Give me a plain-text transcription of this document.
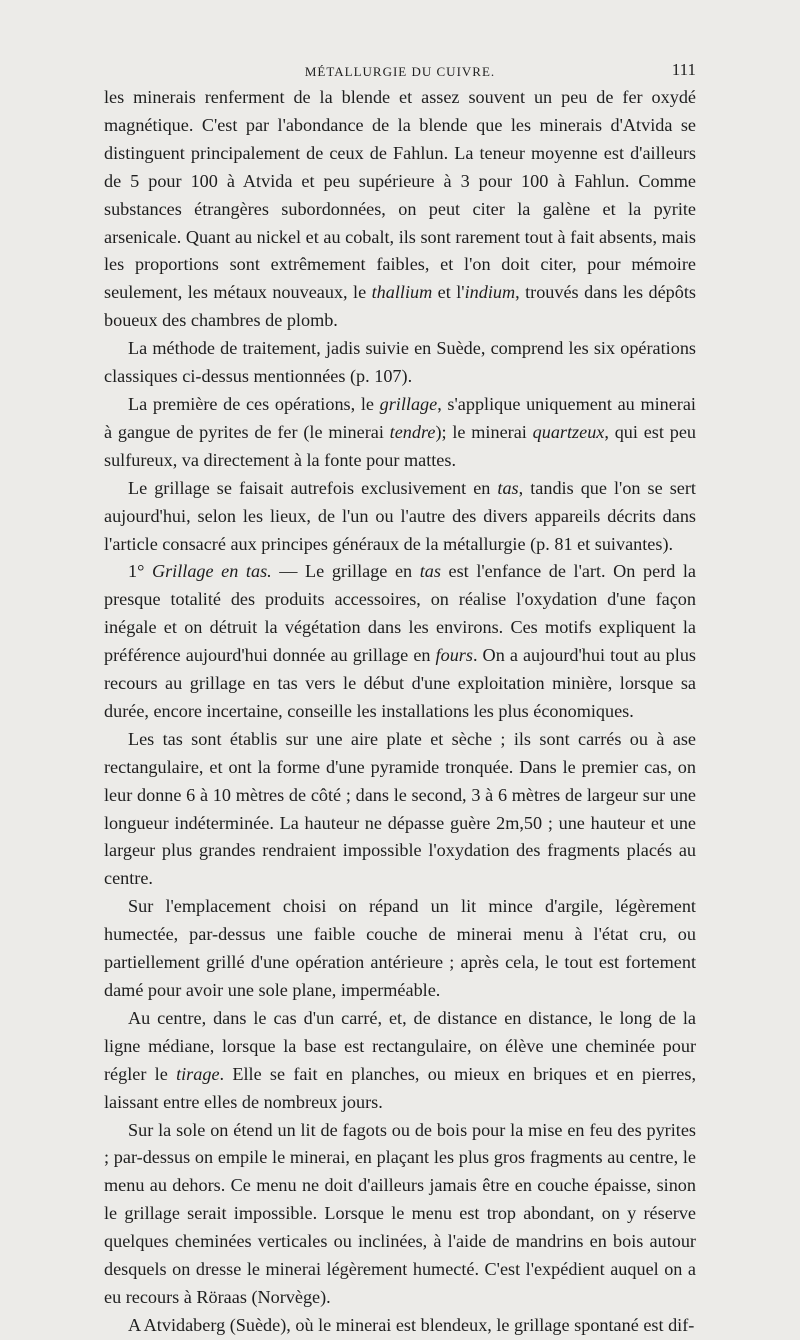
MÉTALLURGIE DU CUIVRE.	111

les minerais renferment de la blende et assez souvent un peu de fer oxydé magnétique. C'est par l'abondance de la blende que les minerais d'Atvida se distinguent principalement de ceux de Fahlun. La teneur moyenne est d'ailleurs de 5 pour 100 à Atvida et peu supérieure à 3 pour 100 à Fahlun. Comme substances étrangères subordonnées, on peut citer la galène et la pyrite arsenicale. Quant au nickel et au cobalt, ils sont rarement tout à fait absents, mais les proportions sont extrêmement faibles, et l'on doit citer, pour mémoire seulement, les métaux nouveaux, le thallium et l'indium, trouvés dans les dépôts boueux des chambres de plomb.

La méthode de traitement, jadis suivie en Suède, comprend les six opérations classiques ci-dessus mentionnées (p. 107).

La première de ces opérations, le grillage, s'applique uniquement au minerai à gangue de pyrites de fer (le minerai tendre); le minerai quartzeux, qui est peu sulfureux, va directement à la fonte pour mattes.

Le grillage se faisait autrefois exclusivement en tas, tandis que l'on se sert aujourd'hui, selon les lieux, de l'un ou l'autre des divers appareils décrits dans l'article consacré aux principes généraux de la métallurgie (p. 81 et suivantes).

1° Grillage en tas. — Le grillage en tas est l'enfance de l'art. On perd la presque totalité des produits accessoires, on réalise l'oxydation d'une façon inégale et on détruit la végétation dans les environs. Ces motifs expliquent la préférence aujourd'hui donnée au grillage en fours. On a aujourd'hui tout au plus recours au grillage en tas vers le début d'une exploitation minière, lorsque sa durée, encore incertaine, conseille les installations les plus économiques.

Les tas sont établis sur une aire plate et sèche ; ils sont carrés ou à ase rectangulaire, et ont la forme d'une pyramide tronquée. Dans le premier cas, on leur donne 6 à 10 mètres de côté ; dans le second, 3 à 6 mètres de largeur sur une longueur indéterminée. La hauteur ne dépasse guère 2m,50 ; une hauteur et une largeur plus grandes rendraient impossible l'oxydation des fragments placés au centre.

Sur l'emplacement choisi on répand un lit mince d'argile, légèrement humectée, par-dessus une faible couche de minerai menu à l'état cru, ou partiellement grillé d'une opération antérieure ; après cela, le tout est fortement damé pour avoir une sole plane, imperméable.

Au centre, dans le cas d'un carré, et, de distance en distance, le long de la ligne médiane, lorsque la base est rectangulaire, on élève une cheminée pour régler le tirage. Elle se fait en planches, ou mieux en briques et en pierres, laissant entre elles de nombreux jours.

Sur la sole on étend un lit de fagots ou de bois pour la mise en feu des pyrites ; par-dessus on empile le minerai, en plaçant les plus gros fragments au centre, le menu au dehors. Ce menu ne doit d'ailleurs jamais être en couche épaisse, sinon le grillage serait impossible. Lorsque le menu est trop abondant, on y réserve quelques cheminées verticales ou inclinées, à l'aide de mandrins en bois autour desquels on dresse le minerai légèrement humecté. C'est l'expédient auquel on a eu recours à Röraas (Norvège).

A Atvidaberg (Suède), où le minerai est blendeux, le grillage spontané est dif-
